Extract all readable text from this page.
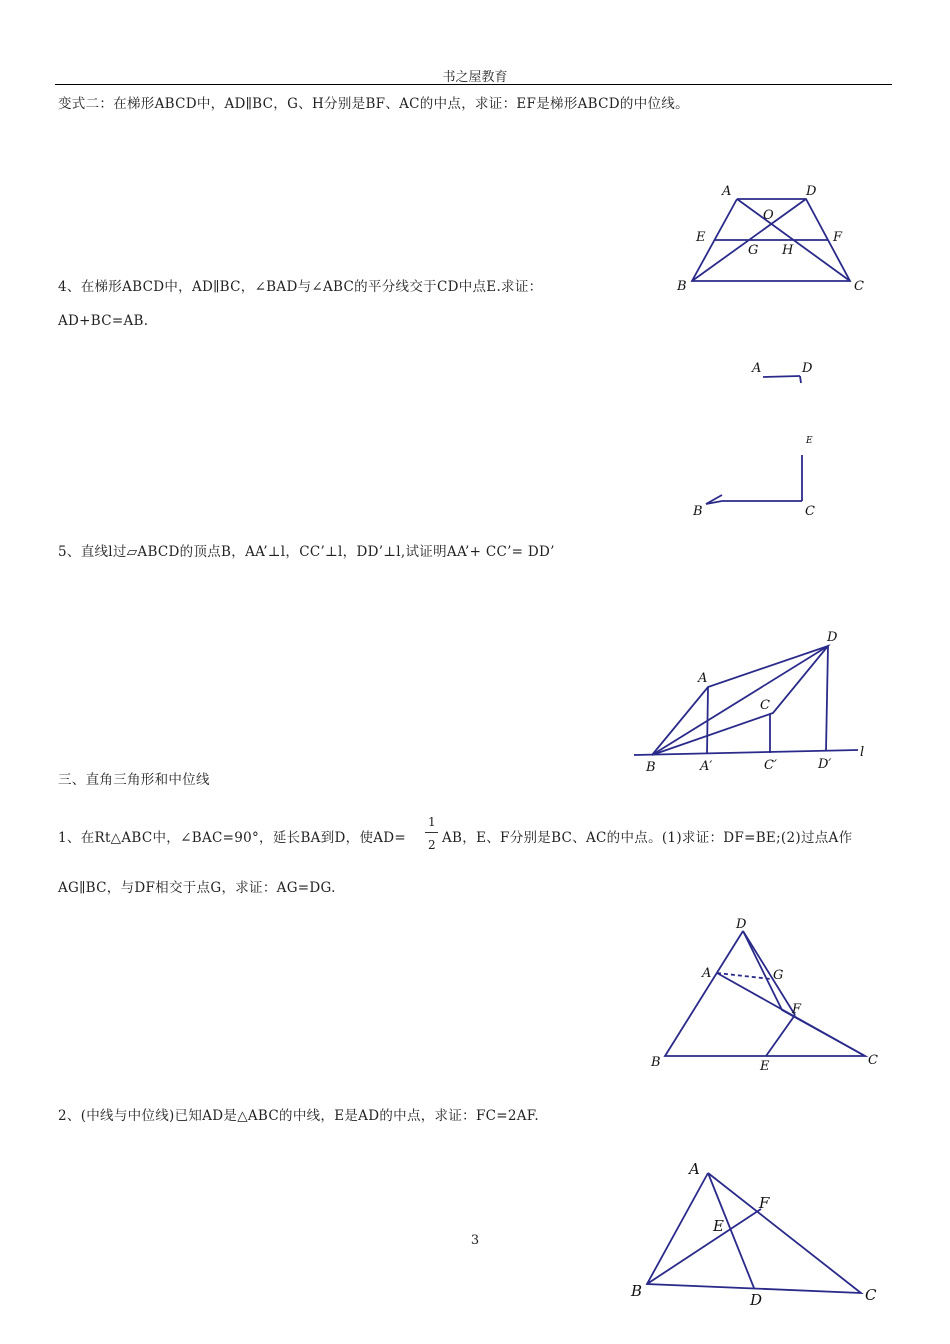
书之屋教育
变式二：在梯形ABCD中，AD∥BC，G、H分别是BF、AC的中点，求证：EF是梯形ABCD的中位线。
A	D
O
E	F
G H
B	C
4、在梯形ABCD中，AD∥BC，∠BAD与∠ABC的平分线交于CD中点E.求证：
AD+BC=AB.
A	D
E
B	C
5、直线l过▱ABCD的顶点B，AA’⊥l，CC’⊥l，DD’⊥l,试证明AA’+ CC’= DD’
D
A
C
l
B	A′	C′	D′
三、直角三角形和中位线
1、在Rt△ABC中，∠BAC=90°，延长BA到D，使AD=
1
2 AB，E、F分别是BC、AC的中点。(1)求证：DF=BE;(2)过点A作
AG∥BC，与DF相交于点G，求证：AG=DG.
D
A	G
F
B	E	C
2、(中线与中位线)已知AD是△ABC的中线，E是AD的中点，求证：FC=2AF.
A
F
E
B	D	C
3
